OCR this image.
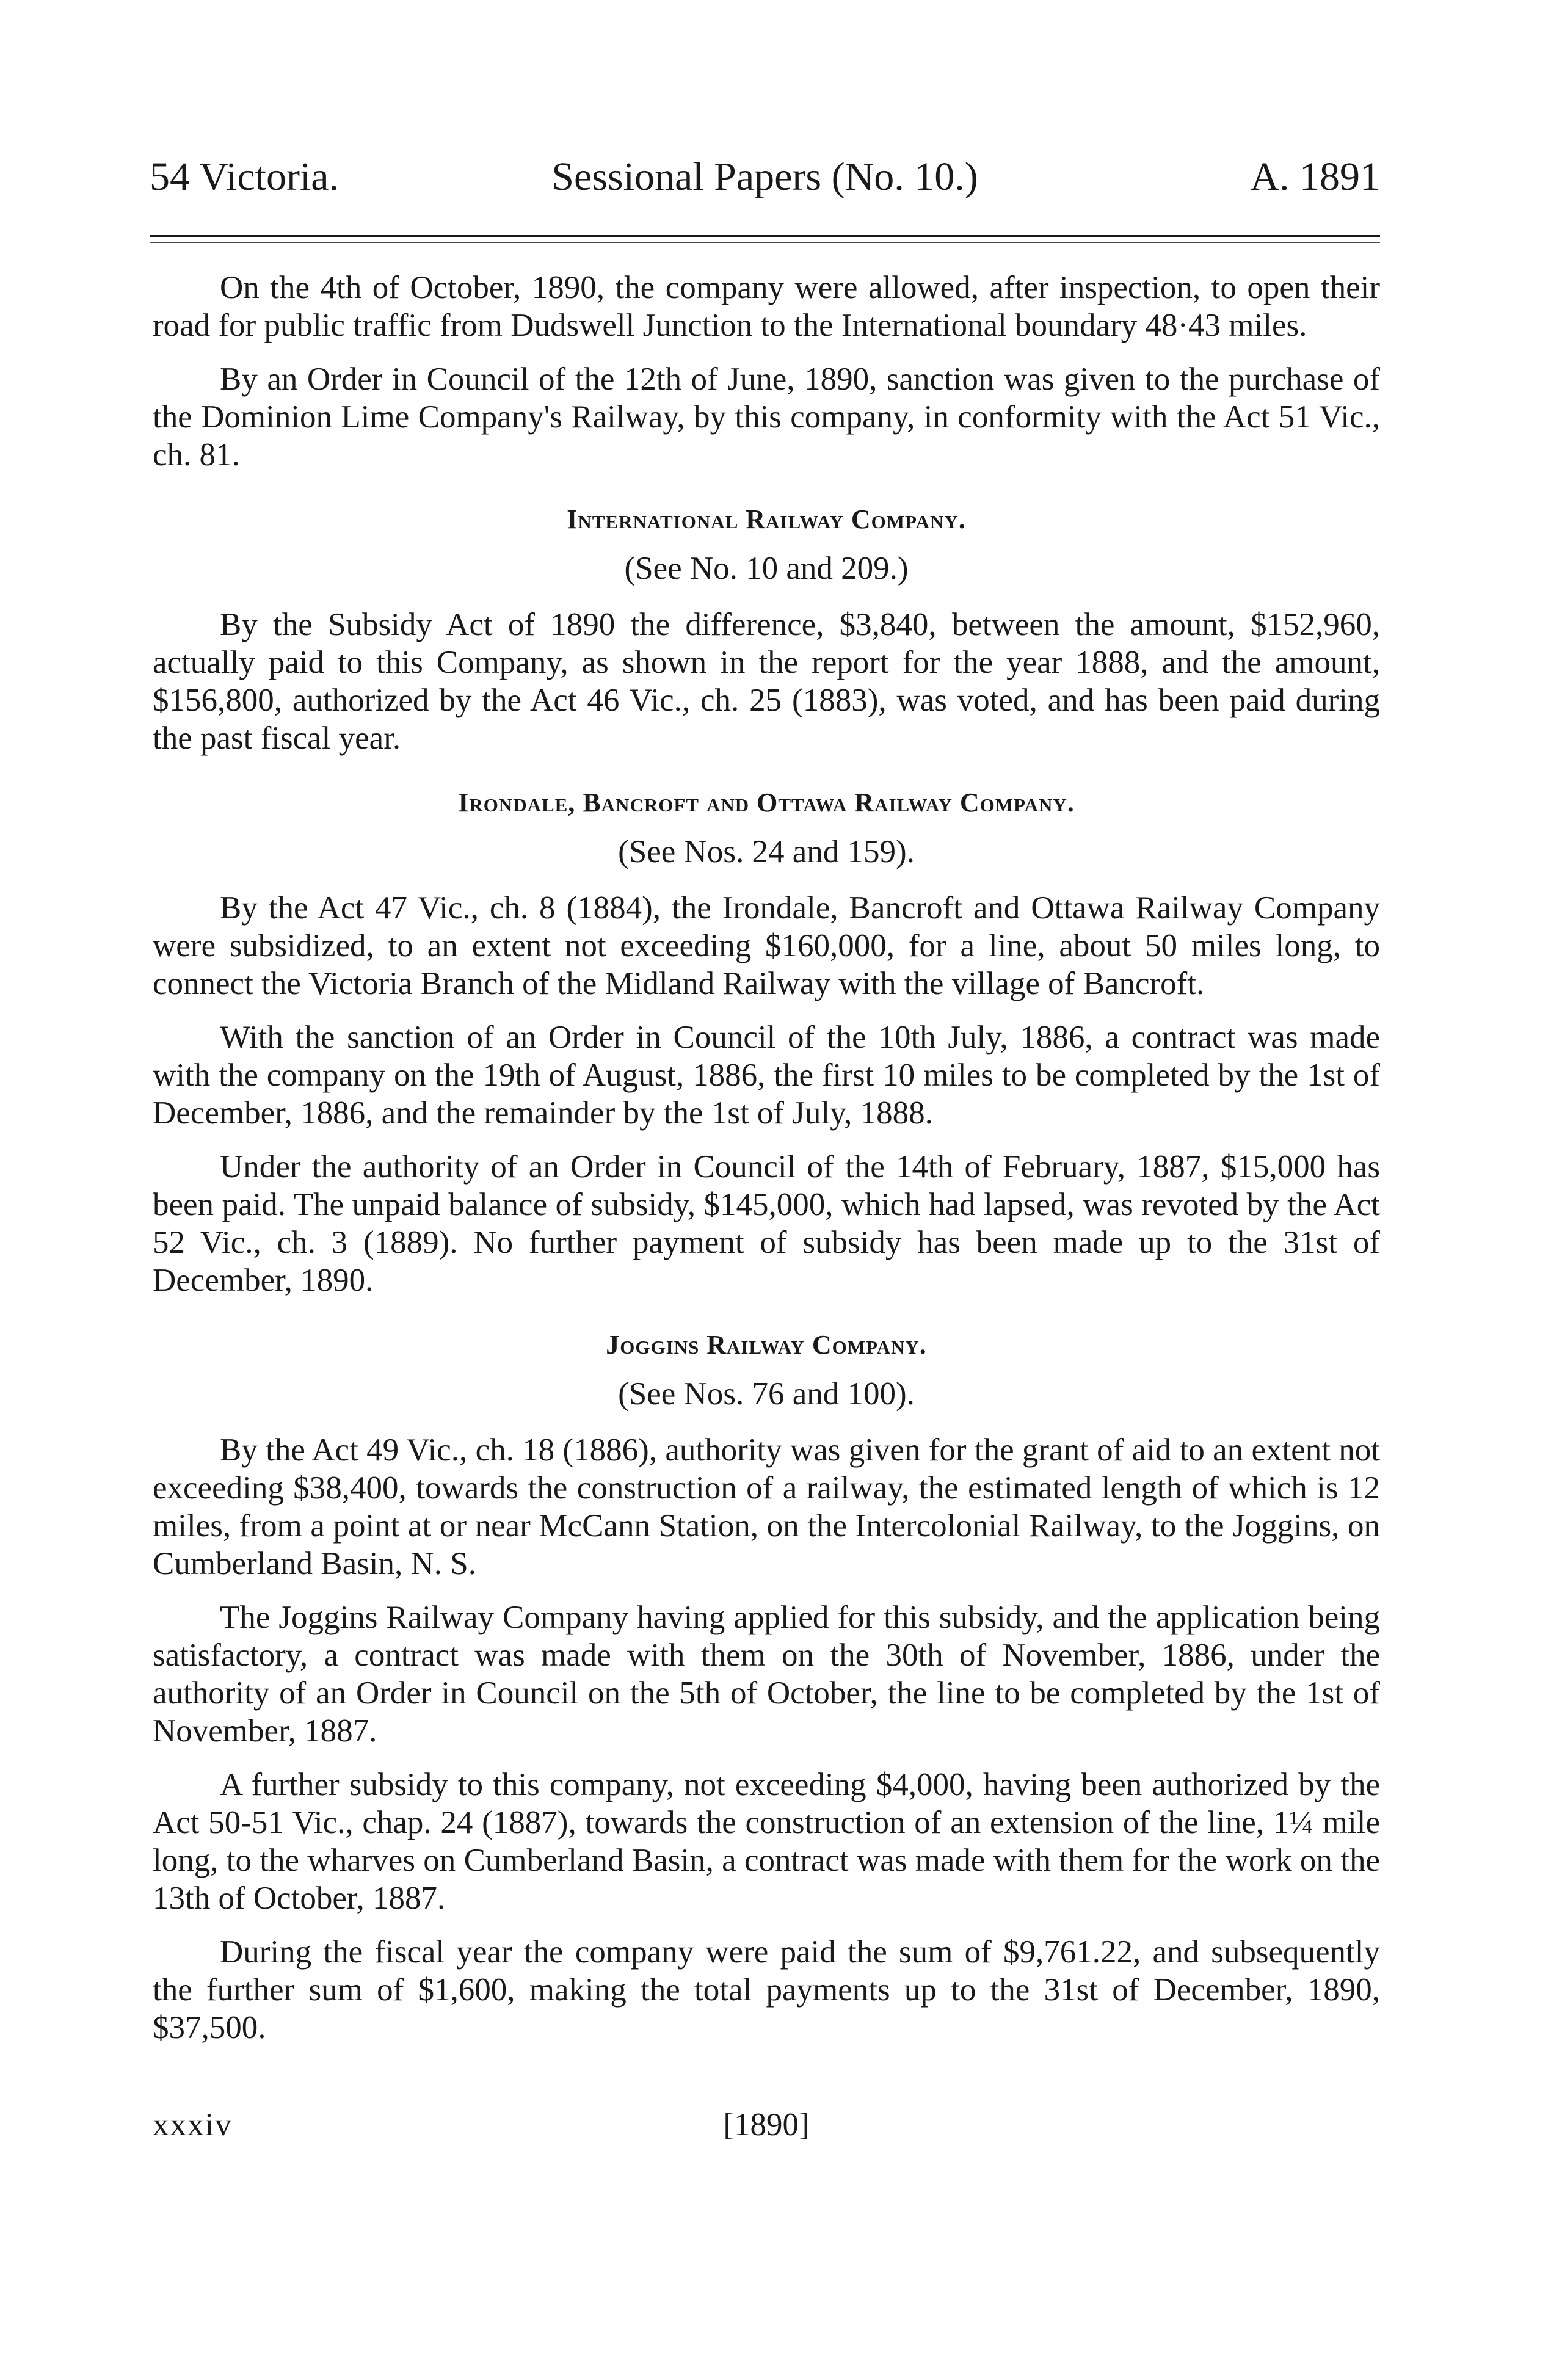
54 Victoria.	Sessional Papers (No. 10.)	A. 1891

On the 4th of October, 1890, the company were allowed, after inspection, to open their road for public traffic from Dudswell Junction to the International boundary 48·43 miles.

By an Order in Council of the 12th of June, 1890, sanction was given to the purchase of the Dominion Lime Company's Railway, by this company, in conformity with the Act 51 Vic., ch. 81.

International Railway Company.
(See No. 10 and 209.)

By the Subsidy Act of 1890 the difference, $3,840, between the amount, $152,960, actually paid to this Company, as shown in the report for the year 1888, and the amount, $156,800, authorized by the Act 46 Vic., ch. 25 (1883), was voted, and has been paid during the past fiscal year.

Irondale, Bancroft and Ottawa Railway Company.
(See Nos. 24 and 159).

By the Act 47 Vic., ch. 8 (1884), the Irondale, Bancroft and Ottawa Railway Company were subsidized, to an extent not exceeding $160,000, for a line, about 50 miles long, to connect the Victoria Branch of the Midland Railway with the village of Bancroft.

With the sanction of an Order in Council of the 10th July, 1886, a contract was made with the company on the 19th of August, 1886, the first 10 miles to be completed by the 1st of December, 1886, and the remainder by the 1st of July, 1888.

Under the authority of an Order in Council of the 14th of February, 1887, $15,000 has been paid. The unpaid balance of subsidy, $145,000, which had lapsed, was revoted by the Act 52 Vic., ch. 3 (1889). No further payment of subsidy has been made up to the 31st of December, 1890.

Joggins Railway Company.
(See Nos. 76 and 100).

By the Act 49 Vic., ch. 18 (1886), authority was given for the grant of aid to an extent not exceeding $38,400, towards the construction of a railway, the estimated length of which is 12 miles, from a point at or near McCann Station, on the Intercolonial Railway, to the Joggins, on Cumberland Basin, N. S.

The Joggins Railway Company having applied for this subsidy, and the application being satisfactory, a contract was made with them on the 30th of November, 1886, under the authority of an Order in Council on the 5th of October, the line to be completed by the 1st of November, 1887.

A further subsidy to this company, not exceeding $4,000, having been authorized by the Act 50-51 Vic., chap. 24 (1887), towards the construction of an extension of the line, 1¼ mile long, to the wharves on Cumberland Basin, a contract was made with them for the work on the 13th of October, 1887.

During the fiscal year the company were paid the sum of $9,761.22, and subsequently the further sum of $1,600, making the total payments up to the 31st of December, 1890, $37,500.

xxxiv	[1890]
